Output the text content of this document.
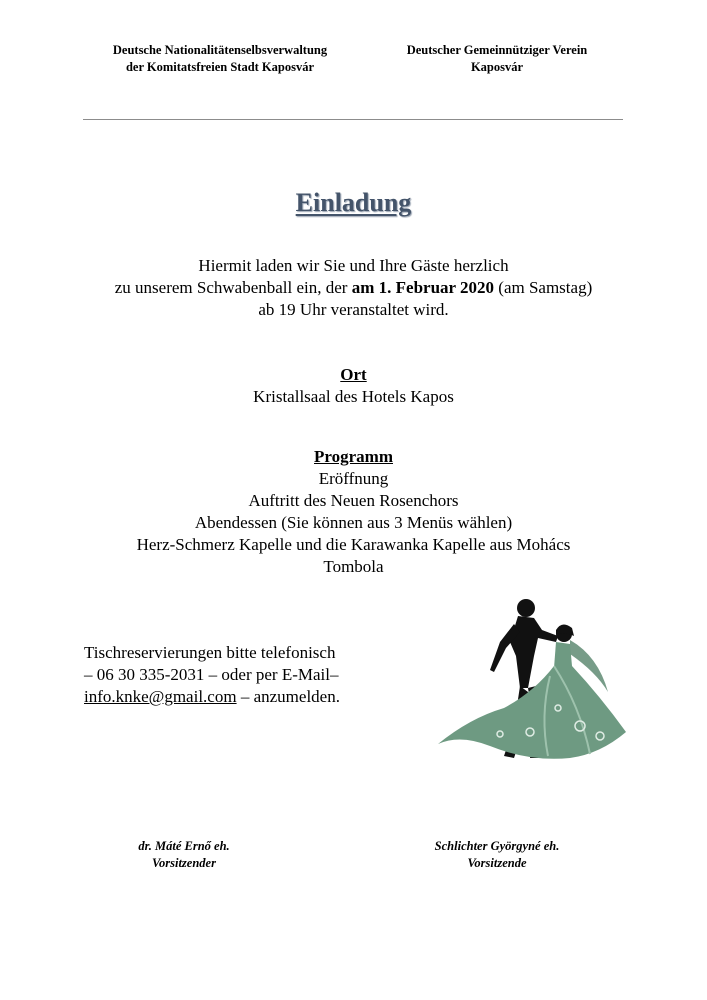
Deutsche Nationalitätenselbsverwaltung
der Komitatsfreien Stadt Kaposvár
Deutscher Gemeinnütziger Verein
Kaposvár
Einladung
Hiermit laden wir Sie und Ihre Gäste herzlich
zu unserem Schwabenball ein, der am 1. Februar 2020 (am Samstag)
ab 19 Uhr veranstaltet wird.
Ort
Kristallsaal des Hotels Kapos
Programm
Eröffnung
Auftritt des Neuen Rosenchors
Abendessen (Sie können aus 3 Menüs wählen)
Herz-Schmerz Kapelle und die Karawanka Kapelle aus Mohács
Tombola
Tischreservierungen bitte telefonisch
– 06 30 335-2031 – oder per E-Mail–
info.knke@gmail.com – anzumelden.
dr. Máté Ernő eh.
Vorsitzender
Schlichter Györgyné eh.
Vorsitzende
